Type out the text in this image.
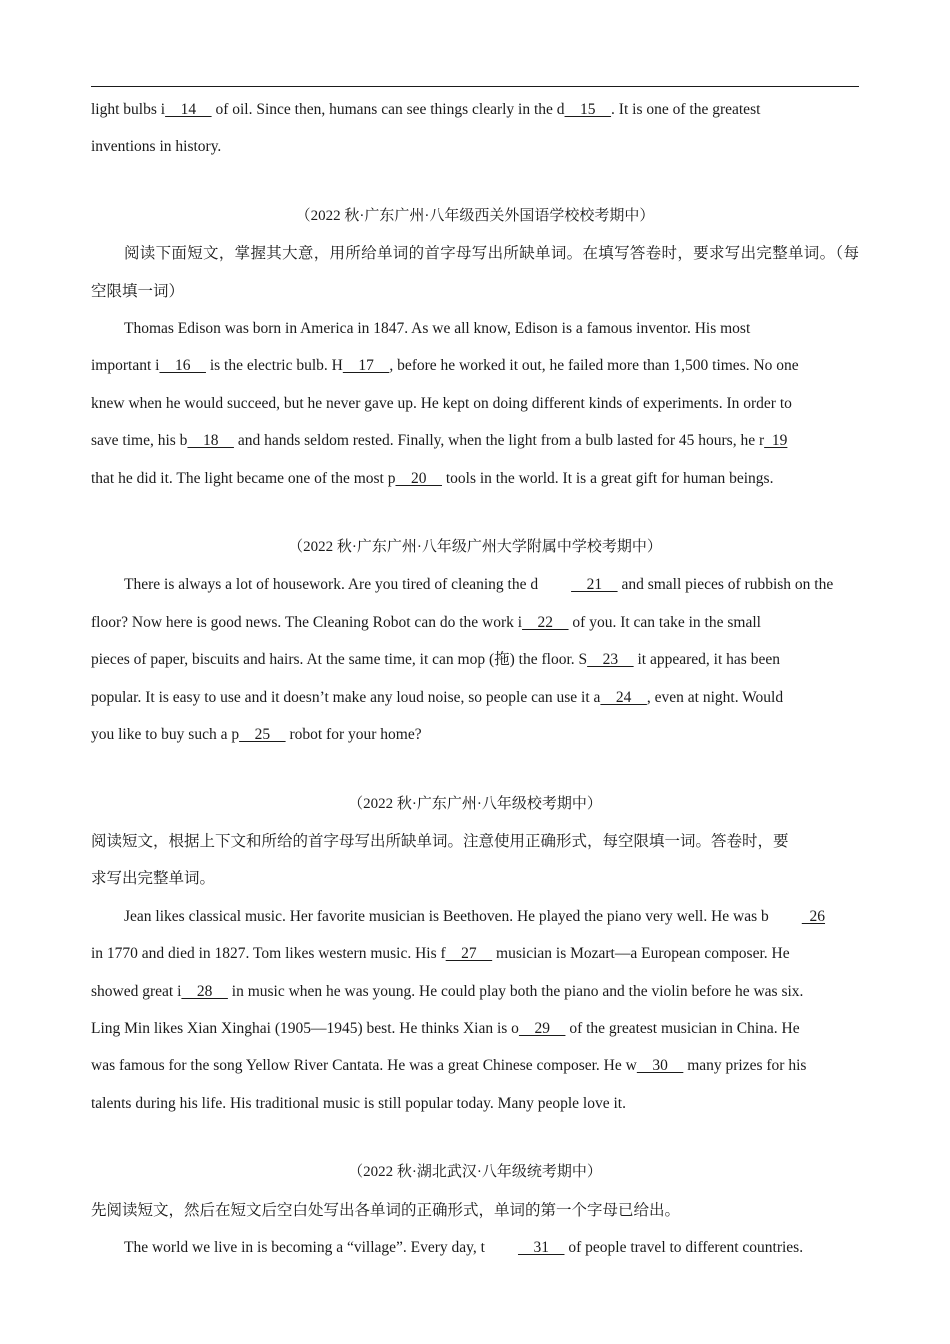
light bulbs i    14     of oil. Since then, humans can see things clearly in the d    15    . It is one of the greatest

inventions in history.

（2022 秋·广东广州·八年级西关外国语学校校考期中）

阅读下面短文，掌握其大意，用所给单词的首字母写出所缺单词。在填写答卷时，要求写出完整单词。（每空限填一词）

Thomas Edison was born in America in 1847. As we all know, Edison is a famous inventor. His most

important i    16     is the electric bulb. H    17    , before he worked it out, he failed more than 1,500 times. No one

knew when he would succeed, but he never gave up. He kept on doing different kinds of experiments. In order to

save time, his b    18     and hands seldom rested. Finally, when the light from a bulb lasted for 45 hours, he r  19

that he did it. The light became one of the most p    20     tools in the world. It is a great gift for human beings.

（2022 秋·广东广州·八年级广州大学附属中学校考期中）

There is always a lot of housework. Are you tired of cleaning the d    21     and small pieces of rubbish on the

floor? Now here is good news. The Cleaning Robot can do the work i    22     of you. It can take in the small

pieces of paper, biscuits and hairs. At the same time, it can mop (拖) the floor. S    23     it appeared, it has been

popular. It is easy to use and it doesn’t make any loud noise, so people can use it a    24    , even at night. Would

you like to buy such a p    25     robot for your home?

（2022 秋·广东广州·八年级校考期中）

阅读短文，根据上下文和所给的首字母写出所缺单词。注意使用正确形式，每空限填一词。答卷时，要

求写出完整单词。

Jean likes classical music. Her favorite musician is Beethoven. He played the piano very well. He was b  26

in 1770 and died in 1827. Tom likes western music. His f    27     musician is Mozart—a European composer. He

showed great i    28     in music when he was young. He could play both the piano and the violin before he was six.

Ling Min likes Xian Xinghai (1905—1945) best. He thinks Xian is o    29     of the greatest musician in China. He

was famous for the song Yellow River Cantata. He was a great Chinese composer. He w    30     many prizes for his

talents during his life. His traditional music is still popular today. Many people love it.

（2022 秋·湖北武汉·八年级统考期中）

先阅读短文，然后在短文后空白处写出各单词的正确形式，单词的第一个字母已给出。

The world we live in is becoming a “village”. Every day, t    31     of people travel to different countries.
